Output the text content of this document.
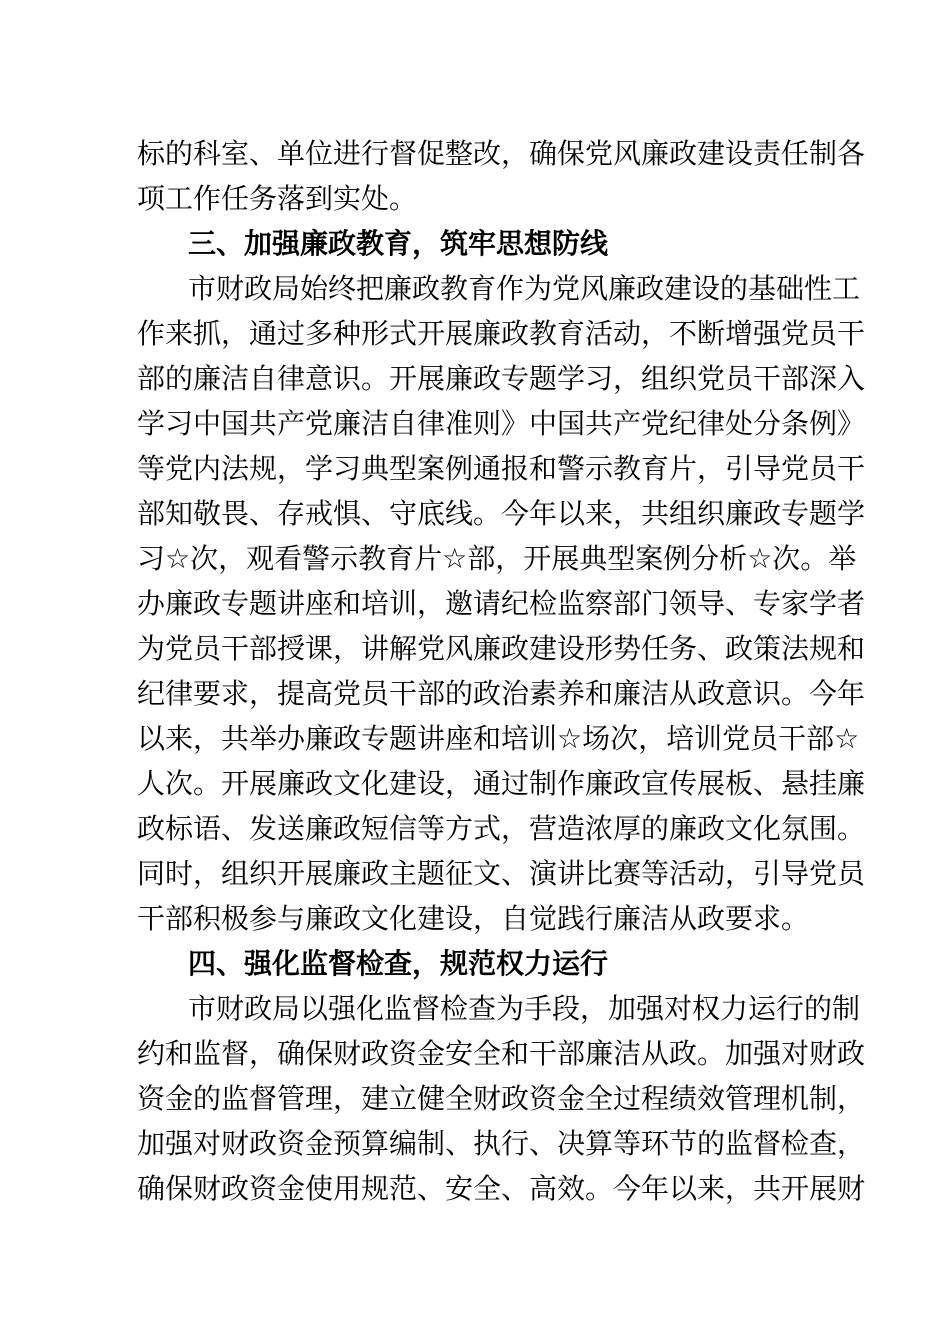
标的科室、单位进行督促整改，确保党风廉政建设责任制各
项工作任务落到实处。
三、加强廉政教育，筑牢思想防线
市财政局始终把廉政教育作为党风廉政建设的基础性工
作来抓，通过多种形式开展廉政教育活动，不断增强党员干
部的廉洁自律意识。开展廉政专题学习，组织党员干部深入
学习中国共产党廉洁自律准则》中国共产党纪律处分条例》
等党内法规，学习典型案例通报和警示教育片，引导党员干
部知敬畏、存戒惧、守底线。今年以来，共组织廉政专题学
习☆次，观看警示教育片☆部，开展典型案例分析☆次。举
办廉政专题讲座和培训，邀请纪检监察部门领导、专家学者
为党员干部授课，讲解党风廉政建设形势任务、政策法规和
纪律要求，提高党员干部的政治素养和廉洁从政意识。今年
以来，共举办廉政专题讲座和培训☆场次，培训党员干部☆
人次。开展廉政文化建设，通过制作廉政宣传展板、悬挂廉
政标语、发送廉政短信等方式，营造浓厚的廉政文化氛围。
同时，组织开展廉政主题征文、演讲比赛等活动，引导党员
干部积极参与廉政文化建设，自觉践行廉洁从政要求。
四、强化监督检查，规范权力运行
市财政局以强化监督检查为手段，加强对权力运行的制
约和监督，确保财政资金安全和干部廉洁从政。加强对财政
资金的监督管理，建立健全财政资金全过程绩效管理机制，
加强对财政资金预算编制、执行、决算等环节的监督检查，
确保财政资金使用规范、安全、高效。今年以来，共开展财
